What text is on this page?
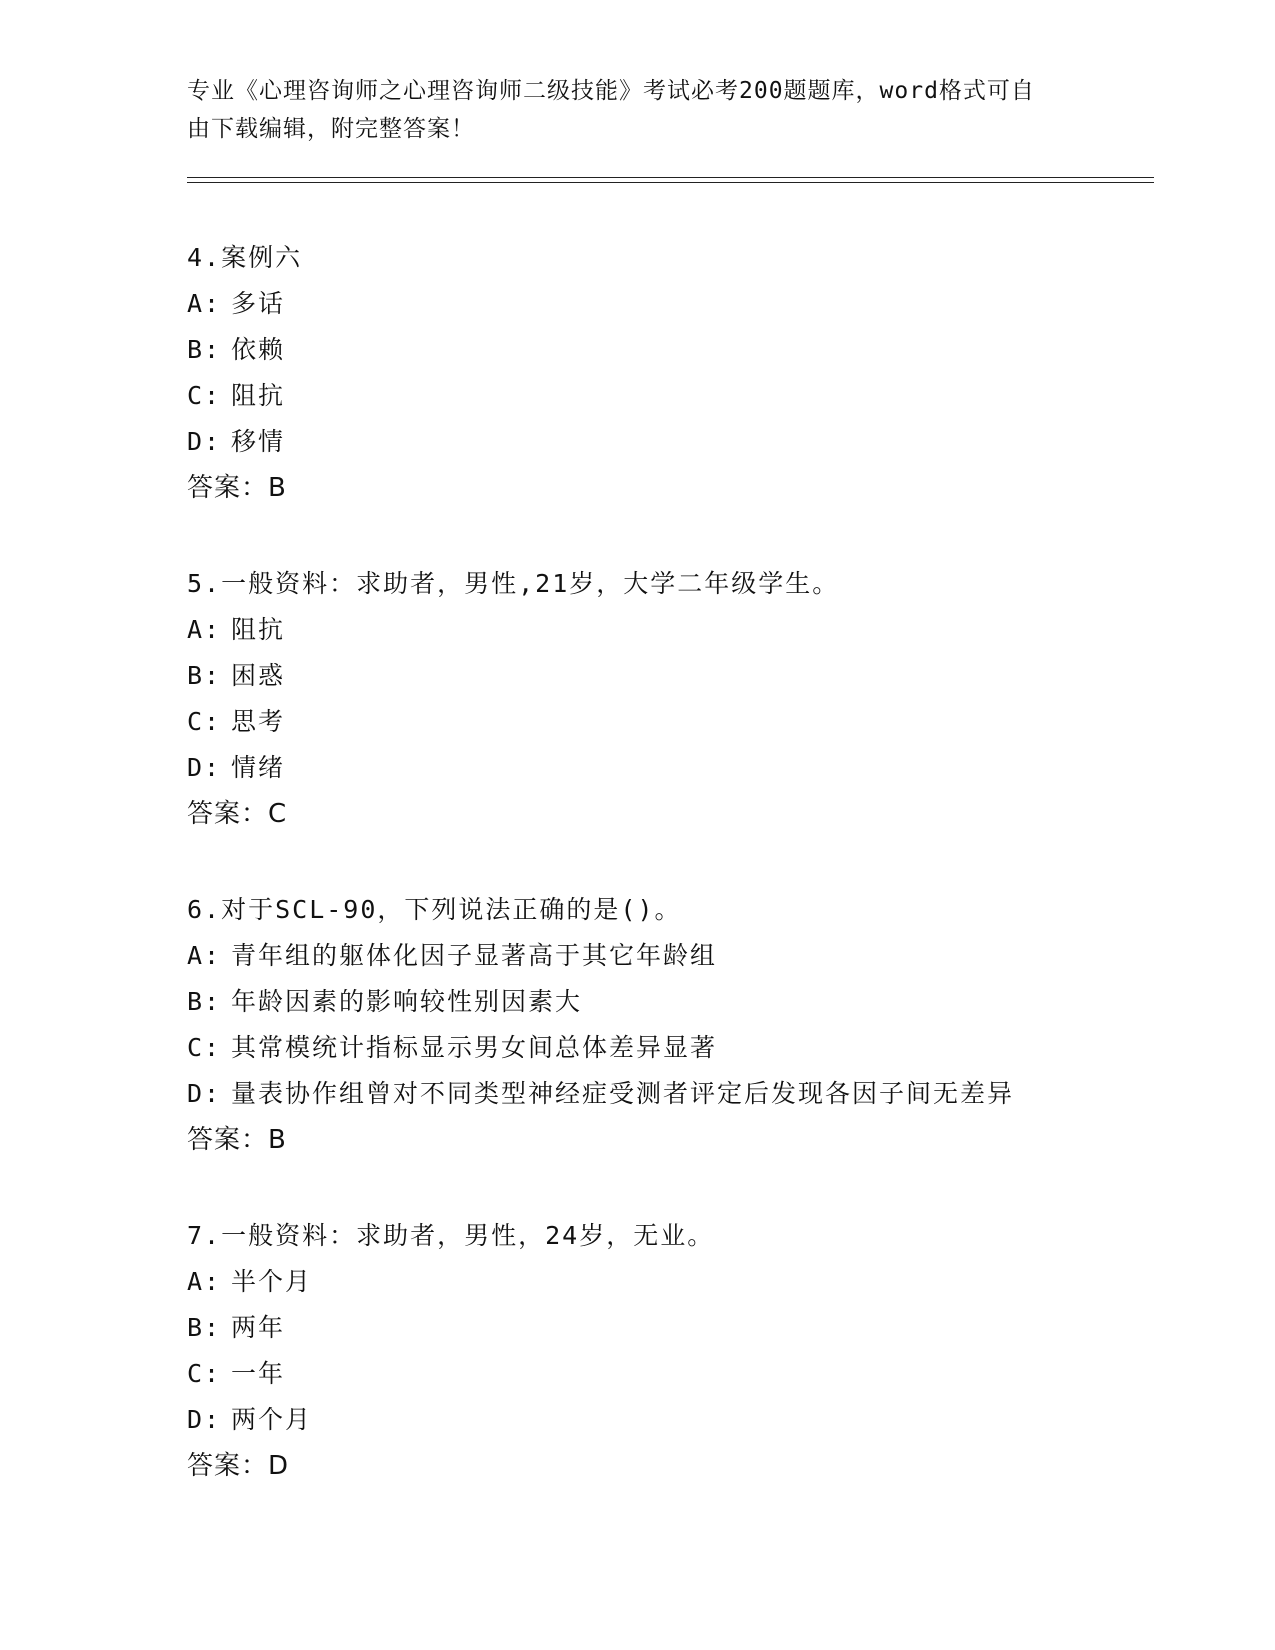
专业《心理咨询师之心理咨询师二级技能》考试必考200题题库，word格式可自
由下载编辑，附完整答案！
4.案例六
A: 多话
B: 依赖
C: 阻抗
D: 移情
答案：B
5.一般资料：求助者，男性,21岁，大学二年级学生。
A: 阻抗
B: 困惑
C: 思考
D: 情绪
答案：C
6.对于SCL-90，下列说法正确的是()。
A: 青年组的躯体化因子显著高于其它年龄组
B: 年龄因素的影响较性别因素大
C: 其常模统计指标显示男女间总体差异显著
D: 量表协作组曾对不同类型神经症受测者评定后发现各因子间无差异
答案：B
7.一般资料：求助者，男性，24岁，无业。
A: 半个月
B: 两年
C: 一年
D: 两个月
答案：D
